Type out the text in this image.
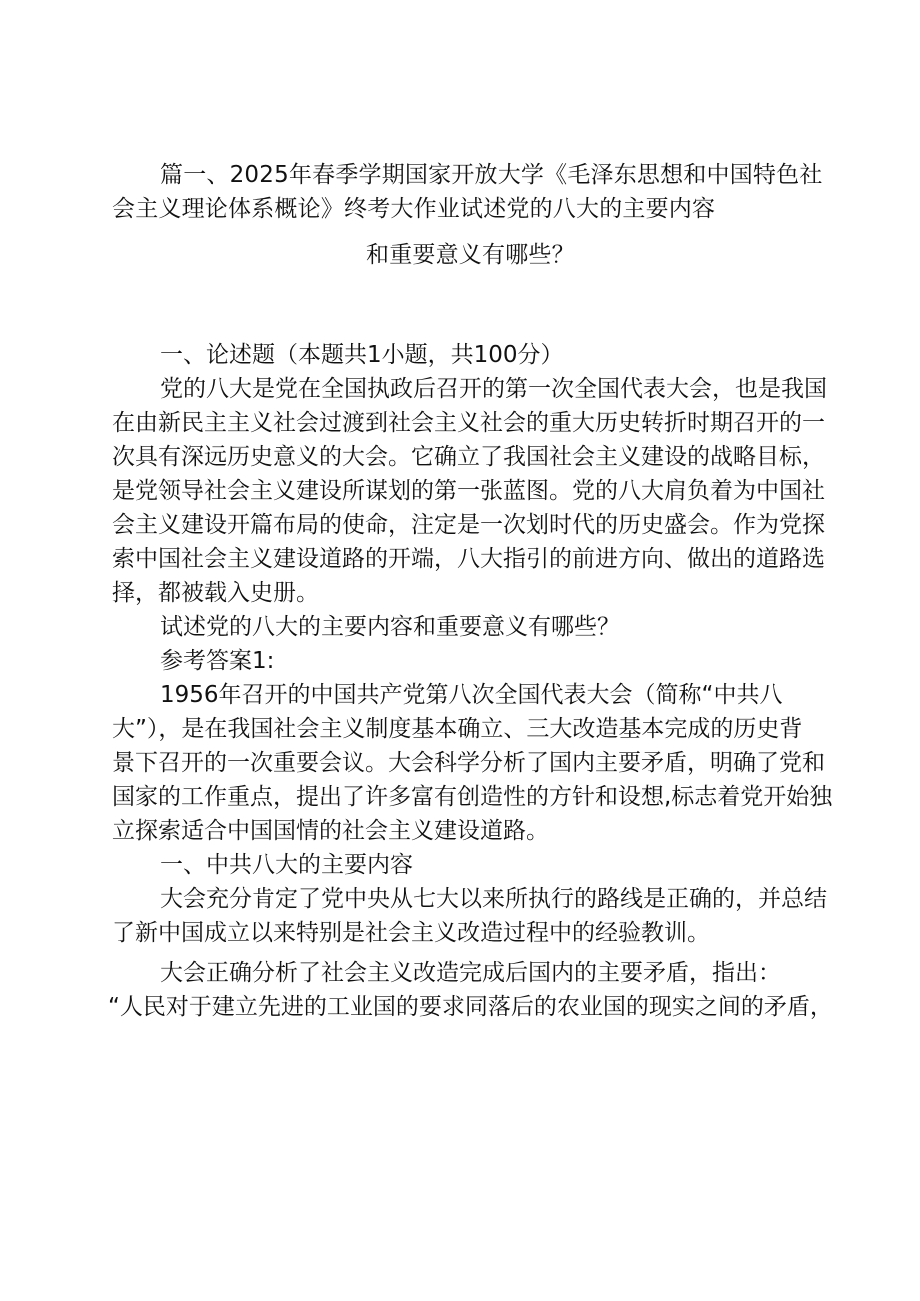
篇一、2025年春季学期国家开放大学《毛泽东思想和中国特色社
会主义理论体系概论》终考大作业试述党的八大的主要内容
和重要意义有哪些？
一、论述题（本题共1小题，共100分）
党的八大是党在全国执政后召开的第一次全国代表大会，也是我国
在由新民主主义社会过渡到社会主义社会的重大历史转折时期召开的一
次具有深远历史意义的大会。它确立了我国社会主义建设的战略目标，
是党领导社会主义建设所谋划的第一张蓝图。党的八大肩负着为中国社
会主义建设开篇布局的使命，注定是一次划时代的历史盛会。作为党探
索中国社会主义建设道路的开端，八大指引的前进方向、做出的道路选
择，都被载入史册。
试述党的八大的主要内容和重要意义有哪些？
参考答案1:
1956年召开的中国共产党第八次全国代表大会（简称“中共八
大”），是在我国社会主义制度基本确立、三大改造基本完成的历史背
景下召开的一次重要会议。大会科学分析了国内主要矛盾，明确了党和
国家的工作重点，提出了许多富有创造性的方针和设想,标志着党开始独
立探索适合中国国情的社会主义建设道路。
一、中共八大的主要内容
大会充分肯定了党中央从七大以来所执行的路线是正确的，并总结
了新中国成立以来特别是社会主义改造过程中的经验教训。
大会正确分析了社会主义改造完成后国内的主要矛盾，指出：
“人民对于建立先进的工业国的要求同落后的农业国的现实之间的矛盾，
